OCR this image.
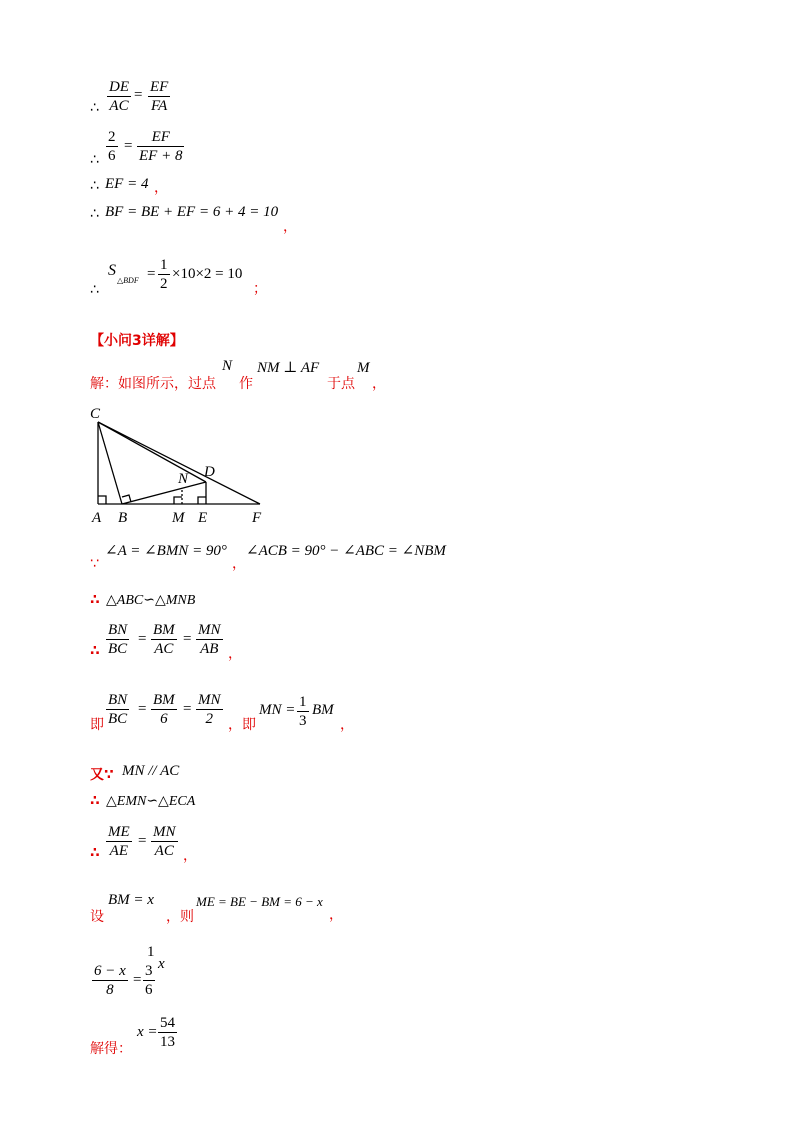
∴
DE
AC
= EF
FA
∴
2
6
=
EF
EF + 8
∴ EF = 4 ，
∴ BF = BE + EF = 6 + 4 = 10
，
∴
S
△BDF =
1
2
×10×2 = 10
；
【小问3详解】
解：如图所示，过点
N
作
NM ⊥ AF
于点
M
，
C
D
N
A B	M E	F
∵
∠A = ∠BMN = 90°
，
∠ACB = 90° − ∠ABC = ∠NBM
∴ △ABC∽△MNB
∴
BN
BC
=
BM
AC
=
MN
AB ，
即
BN
BC
=
BM
6
=
MN
2 ，即
MN = 1
3
BM
，
又∵ MN // AC
∴ △EMN∽△ECA
∴
ME
AE
=
MN
AC ，
设
BM = x
，则
ME = BE − BM = 6 − x
，
6 − x
8
=
1
x
3
6
解得：
x =
54
13
